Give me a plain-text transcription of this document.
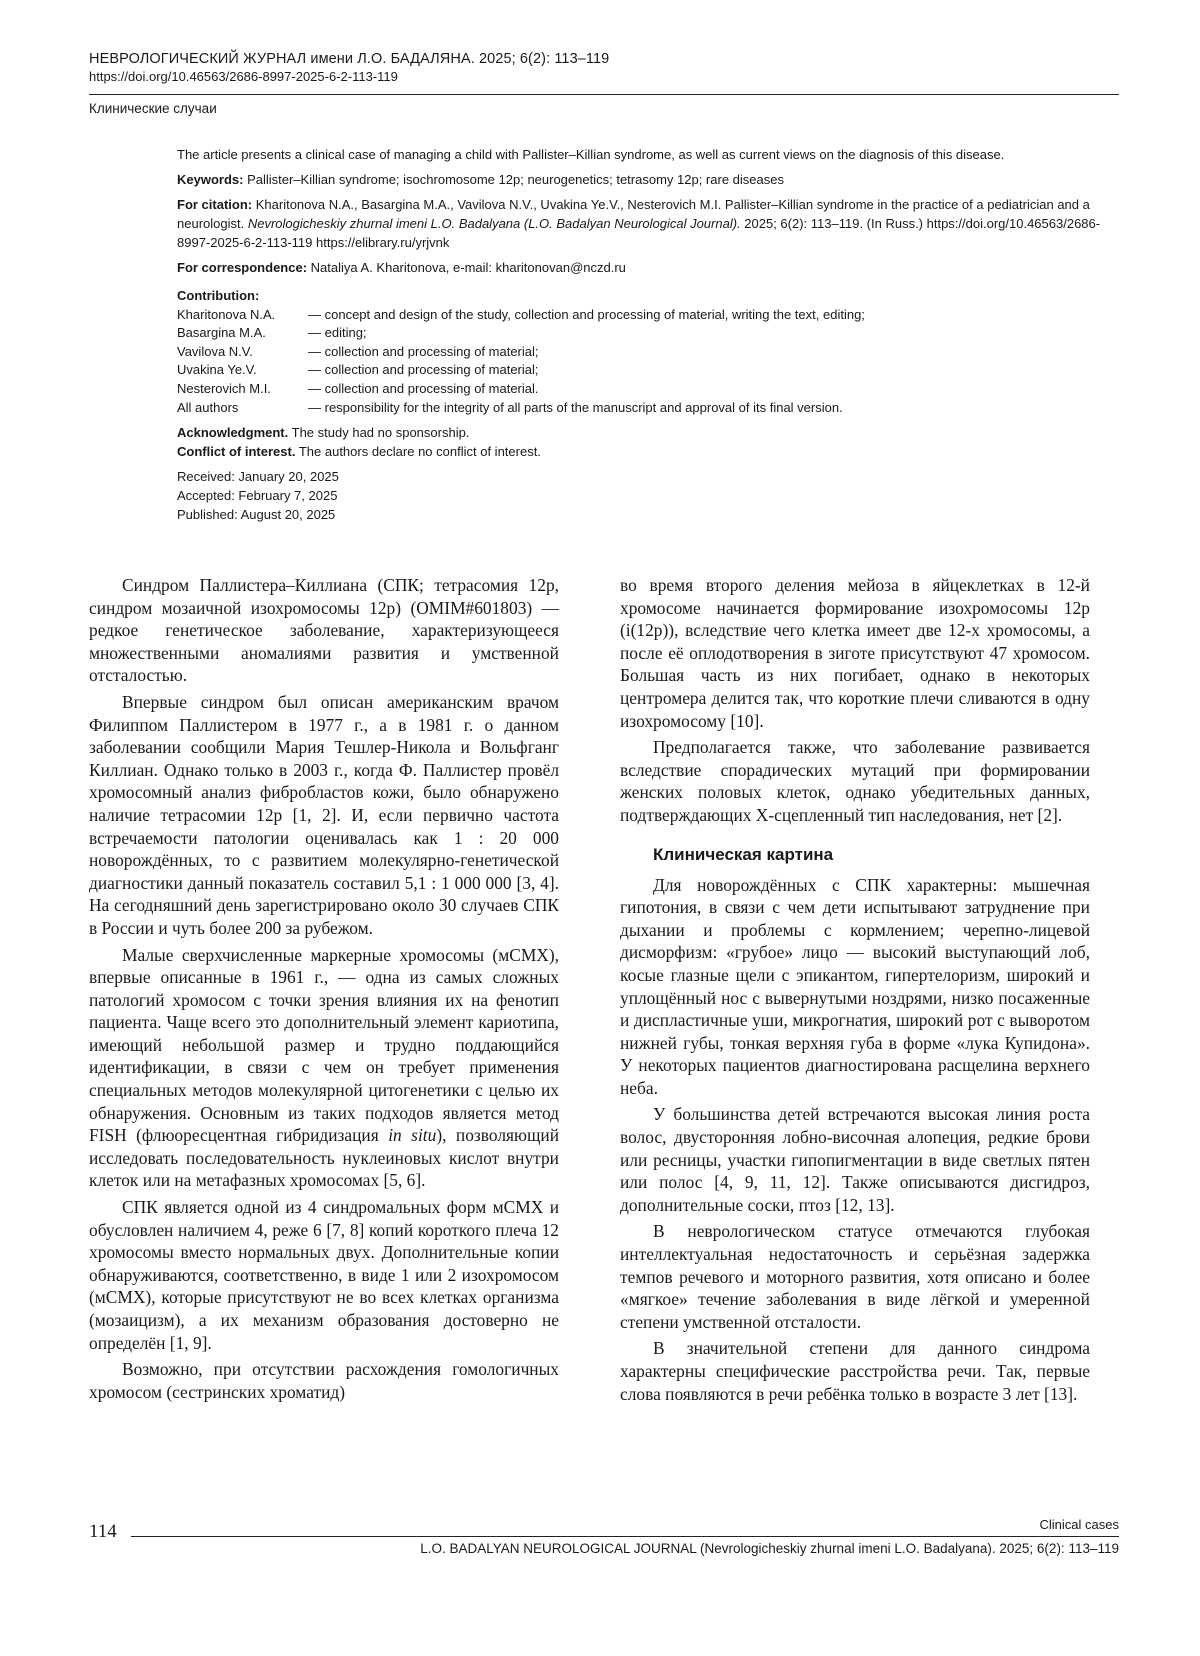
НЕВРОЛОГИЧЕСКИЙ ЖУРНАЛ имени Л.О. БАДАЛЯНА. 2025; 6(2): 113–119
https://doi.org/10.46563/2686-8997-2025-6-2-113-119
Клинические случаи

The article presents a clinical case of managing a child with Pallister–Killian syndrome, as well as current views on the diagnosis of this disease.

Keywords: Pallister–Killian syndrome; isochromosome 12p; neurogenetics; tetrasomy 12p; rare diseases

For citation: Kharitonova N.A., Basargina M.A., Vavilova N.V., Uvakina Ye.V., Nesterovich M.I. Pallister–Killian syndrome in the practice of a pediatrician and a neurologist. Nevrologicheskiy zhurnal imeni L.O. Badalyana (L.O. Badalyan Neurological Journal). 2025; 6(2): 113–119. (In Russ.) https://doi.org/10.46563/2686-8997-2025-6-2-113-119 https://elibrary.ru/yrjvnk

For correspondence: Nataliya A. Kharitonova, e-mail: kharitonovan@nczd.ru

Contribution:
Kharitonova N.A.	— concept and design of the study, collection and processing of material, writing the text, editing;
Basargina M.A.	— editing;
Vavilova N.V.	— collection and processing of material;
Uvakina Ye.V.	— collection and processing of material;
Nesterovich M.I.	— collection and processing of material.
All authors	— responsibility for the integrity of all parts of the manuscript and approval of its final version.

Acknowledgment. The study had no sponsorship.

Conflict of interest. The authors declare no conflict of interest.

Received: January 20, 2025
Accepted: February 7, 2025
Published: August 20, 2025

Синдром Паллистера–Киллиана (СПК; тетрасомия 12p, синдром мозаичной изохромосомы 12p) (OMIM#601803) — редкое генетическое заболевание, характеризующееся множественными аномалиями развития и умственной отсталостью.

Впервые синдром был описан американским врачом Филиппом Паллистером в 1977 г., а в 1981 г. о данном заболевании сообщили Мария Тешлер-Никола и Вольфганг Киллиан. Однако только в 2003 г., когда Ф. Паллистер провёл хромосомный анализ фибробластов кожи, было обнаружено наличие тетрасомии 12p [1, 2]. И, если первично частота встречаемости патологии оценивалась как 1 : 20 000 новорождённых, то с развитием молекулярно-генетической диагностики данный показатель составил 5,1 : 1 000 000 [3, 4]. На сегодняшний день зарегистрировано около 30 случаев СПК в России и чуть более 200 за рубежом.

Малые сверхчисленные маркерные хромосомы (мСМХ), впервые описанные в 1961 г., — одна из самых сложных патологий хромосом с точки зрения влияния их на фенотип пациента. Чаще всего это дополнительный элемент кариотипа, имеющий небольшой размер и трудно поддающийся идентификации, в связи с чем он требует применения специальных методов молекулярной цитогенетики с целью их обнаружения. Основным из таких подходов является метод FISH (флюоресцентная гибридизация in situ), позволяющий исследовать последовательность нуклеиновых кислот внутри клеток или на метафазных хромосомах [5, 6].

СПК является одной из 4 синдромальных форм мСМХ и обусловлен наличием 4, реже 6 [7, 8] копий короткого плеча 12 хромосомы вместо нормальных двух. Дополнительные копии обнаруживаются, соответственно, в виде 1 или 2 изохромосом (мСМХ), которые присутствуют не во всех клетках организма (мозаицизм), а их механизм образования достоверно не определён [1, 9].

Возможно, при отсутствии расхождения гомологичных хромосом (сестринских хроматид)

во время второго деления мейоза в яйцеклетках в 12-й хромосоме начинается формирование изохромосомы 12p (i(12p)), вследствие чего клетка имеет две 12-х хромосомы, а после её оплодотворения в зиготе присутствуют 47 хромосом. Большая часть из них погибает, однако в некоторых центромера делится так, что короткие плечи сливаются в одну изохромосому [10].

Предполагается также, что заболевание развивается вследствие спорадических мутаций при формировании женских половых клеток, однако убедительных данных, подтверждающих Х-сцепленный тип наследования, нет [2].

Клиническая картина

Для новорождённых с СПК характерны: мышечная гипотония, в связи с чем дети испытывают затруднение при дыхании и проблемы с кормлением; черепно-лицевой дисморфизм: «грубое» лицо — высокий выступающий лоб, косые глазные щели с эпикантом, гипертелоризм, широкий и уплощённый нос с вывернутыми ноздрями, низко посаженные и диспластичные уши, микрогнатия, широкий рот с выворотом нижней губы, тонкая верхняя губа в форме «лука Купидона». У некоторых пациентов диагностирована расщелина верхнего неба.

У большинства детей встречаются высокая линия роста волос, двусторонняя лобно-височная алопеция, редкие брови или ресницы, участки гипопигментации в виде светлых пятен или полос [4, 9, 11, 12]. Также описываются дисгидроз, дополнительные соски, птоз [12, 13].

В неврологическом статусе отмечаются глубокая интеллектуальная недостаточность и серьёзная задержка темпов речевого и моторного развития, хотя описано и более «мягкое» течение заболевания в виде лёгкой и умеренной степени умственной отсталости.

В значительной степени для данного синдрома характерны специфические расстройства речи. Так, первые слова появляются в речи ребёнка только в возрасте 3 лет [13].

114	Clinical cases
L.O. BADALYAN NEUROLOGICAL JOURNAL (Nevrologicheskiy zhurnal imeni L.O. Badalyana). 2025; 6(2): 113–119
